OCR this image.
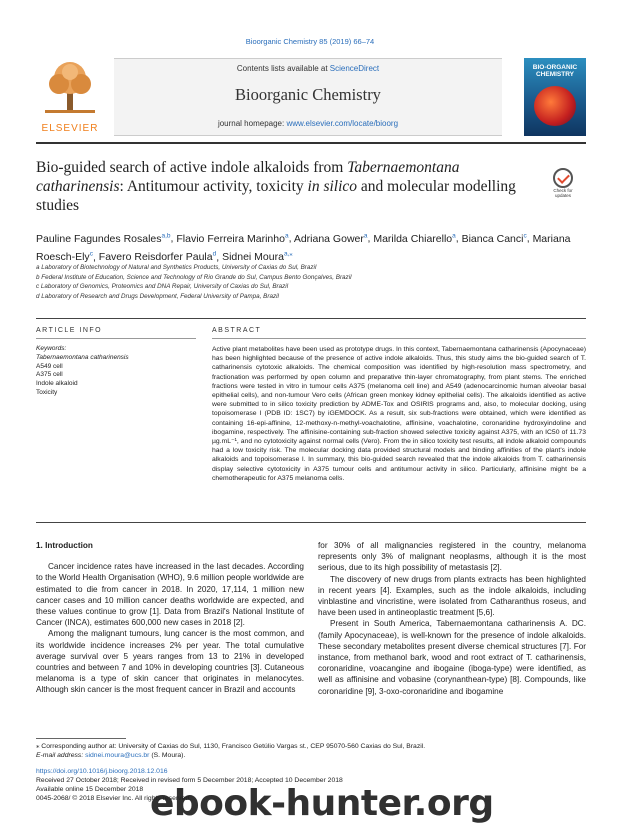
Bioorganic Chemistry 85 (2019) 66–74
ELSEVIER
Contents lists available at ScienceDirect
Bioorganic Chemistry
journal homepage: www.elsevier.com/locate/bioorg
BIO-ORGANIC CHEMISTRY
Bio-guided search of active indole alkaloids from Tabernaemontana catharinensis: Antitumour activity, toxicity in silico and molecular modelling studies
Check for updates
Pauline Fagundes Rosales$^{a,b}$, Flavio Ferreira Marinho$^a$, Adriana Gower$^a$, Marilda Chiarello$^a$, Bianca Canci$^c$, Mariana Roesch-Ely$^c$, Favero Reisdorfer Paula$^d$, Sidnei Moura$^{a,⁎}$
a Laboratory of Biotechnology of Natural and Synthetics Products, University of Caxias do Sul, Brazil
b Federal Institute of Education, Science and Technology of Rio Grande do Sul, Campus Bento Gonçalves, Brazil
c Laboratory of Genomics, Proteomics and DNA Repair, University of Caxias do Sul, Brazil
d Laboratory of Research and Drugs Development, Federal University of Pampa, Brazil
ARTICLE INFO
Keywords:
Tabernaemontana catharinensis
A549 cell
A375 cell
Indole alkaloid
Toxicity
ABSTRACT
Active plant metabolites have been used as prototype drugs. In this context, Tabernaemontana catharinensis (Apocynaceae) has been highlighted because of the presence of active indole alkaloids. Thus, this study aims the bio-guided search of T. catharinensis cytotoxic alkaloids. The chemical composition was identified by high-resolution mass spectrometry, and fractionation was performed by open column and preparative thin-layer chromatography, from plant stems. The enriched fractions were tested in vitro in tumour cells A375 (melanoma cell line) and A549 (adenocarcinomic human alveolar basal epithelial cells), and non-tumour Vero cells (African green monkey kidney epithelial cells). The alkaloids identified as active were submitted to in silico toxicity prediction by ADME-Tox and OSIRIS programs and, also, to molecular docking, using topoisomerase I (PDB ID: 1SC7) by iGEMDOCK. As a result, six sub-fractions were obtained, which were identified as containing 16-epi-affinine, 12-methoxy-n-methyl-voachalotine, affinisine, voachalotine, coronaridine hydroxyindoline and ibogamine, respectively. The affinisine-containing sub-fraction showed selective toxicity against A375, with an IC50 of 11.73 µg.mL⁻¹, and no cytotoxicity against normal cells (Vero). From the in silico toxicity test results, all indole alkaloid compounds had a low toxicity risk. The molecular docking data provided structural models and binding affinities of the plant's indole alkaloids and topoisomerase I. In summary, this bio-guided search revealed that the indole alkaloids from T. catharinensis display selective cytotoxicity in A375 tumour cells and antitumour activity in silico. Particularly, affinisine might be a chemotherapeutic for A375 melanoma cells.
1. Introduction

Cancer incidence rates have increased in the last decades. According to the World Health Organisation (WHO), 9.6 million people worldwide are estimated to die from cancer in 2018. In 2020, 17,114, 1 million new cancer cases and 10 million cancer deaths worldwide are expected, and these values continue to grow [1]. Data from Brazil's National Institute of Cancer (INCA), estimates 600,000 new cases in 2018 [2].

Among the malignant tumours, lung cancer is the most common, and its worldwide incidence increases 2% per year. The total cumulative average survival over 5 years ranges from 13 to 21% in developed countries and between 7 and 10% in developing countries [3]. Cutaneous melanoma is a type of skin cancer that originates in melanocytes. Although skin cancer is the most frequent cancer in Brazil and accounts

for 30% of all malignancies registered in the country, melanoma represents only 3% of malignant neoplasms, although it is the most serious, due to its high possibility of metastasis [2].

The discovery of new drugs from plants extracts has been highlighted in recent years [4]. Examples, such as the indole alkaloids, including vinblastine and vincristine, were isolated from Catharanthus roseus, and have been used in antineoplastic treatment [5,6].

Present in South America, Tabernaemontana catharinensis A. DC. (family Apocynaceae), is well-known for the presence of indole alkaloids. These secondary metabolites present diverse chemical structures [7]. For instance, from methanol bark, wood and root extract of T. catharinensis, coronaridine, voacangine and ibogaine (iboga-type) were identified, as well as affinisine and vobasine (corynanthean-type) [8]. Compounds, like coronaridine [9], 3-oxo-coronaridine and ibogamine

⁎ Corresponding author at: University of Caxias do Sul, 1130, Francisco Getúlio Vargas st., CEP 95070-560 Caxias do Sul, Brazil.
E-mail address: sidnei.moura@ucs.br (S. Moura).
https://doi.org/10.1016/j.bioorg.2018.12.016
Received 27 October 2018; Received in revised form 5 December 2018; Accepted 10 December 2018
Available online 15 December 2018
0045-2068/ © 2018 Elsevier Inc. All rights reserved.
ebook-hunter.org
